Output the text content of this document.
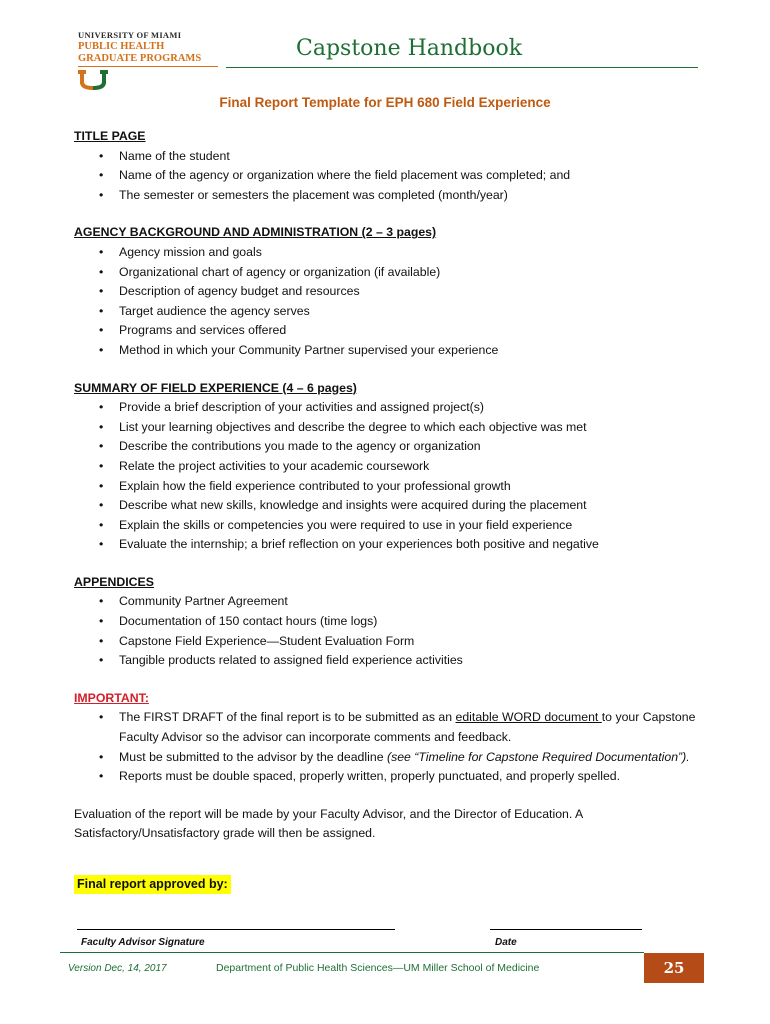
UNIVERSITY OF MIAMI
PUBLIC HEALTH
GRADUATE PROGRAMS	Capstone Handbook
Final Report Template for EPH 680 Field Experience
TITLE PAGE
• Name of the student
• Name of the agency or organization where the field placement was completed; and
• The semester or semesters the placement was completed (month/year)
AGENCY BACKGROUND AND ADMINISTRATION (2 – 3 pages)
• Agency mission and goals
• Organizational chart of agency or organization (if available)
• Description of agency budget and resources
• Target audience the agency serves
• Programs and services offered
• Method in which your Community Partner supervised your experience
SUMMARY OF FIELD EXPERIENCE (4 – 6 pages)
• Provide a brief description of your activities and assigned project(s)
• List your learning objectives and describe the degree to which each objective was met
• Describe the contributions you made to the agency or organization
• Relate the project activities to your academic coursework
• Explain how the field experience contributed to your professional growth
• Describe what new skills, knowledge and insights were acquired during the placement
• Explain the skills or competencies you were required to use in your field experience
• Evaluate the internship; a brief reflection on your experiences both positive and negative
APPENDICES
• Community Partner Agreement
• Documentation of 150 contact hours (time logs)
• Capstone Field Experience—Student Evaluation Form
• Tangible products related to assigned field experience activities
IMPORTANT:
• The FIRST DRAFT of the final report is to be submitted as an editable WORD document to your Capstone Faculty Advisor so the advisor can incorporate comments and feedback.
• Must be submitted to the advisor by the deadline (see “Timeline for Capstone Required Documentation”).
• Reports must be double spaced, properly written, properly punctuated, and properly spelled.
Evaluation of the report will be made by your Faculty Advisor, and the Director of Education. A Satisfactory/Unsatisfactory grade will then be assigned.
Final report approved by:
Faculty Advisor Signature	Date
Version Dec, 14, 2017	Department of Public Health Sciences—UM Miller School of Medicine	25
